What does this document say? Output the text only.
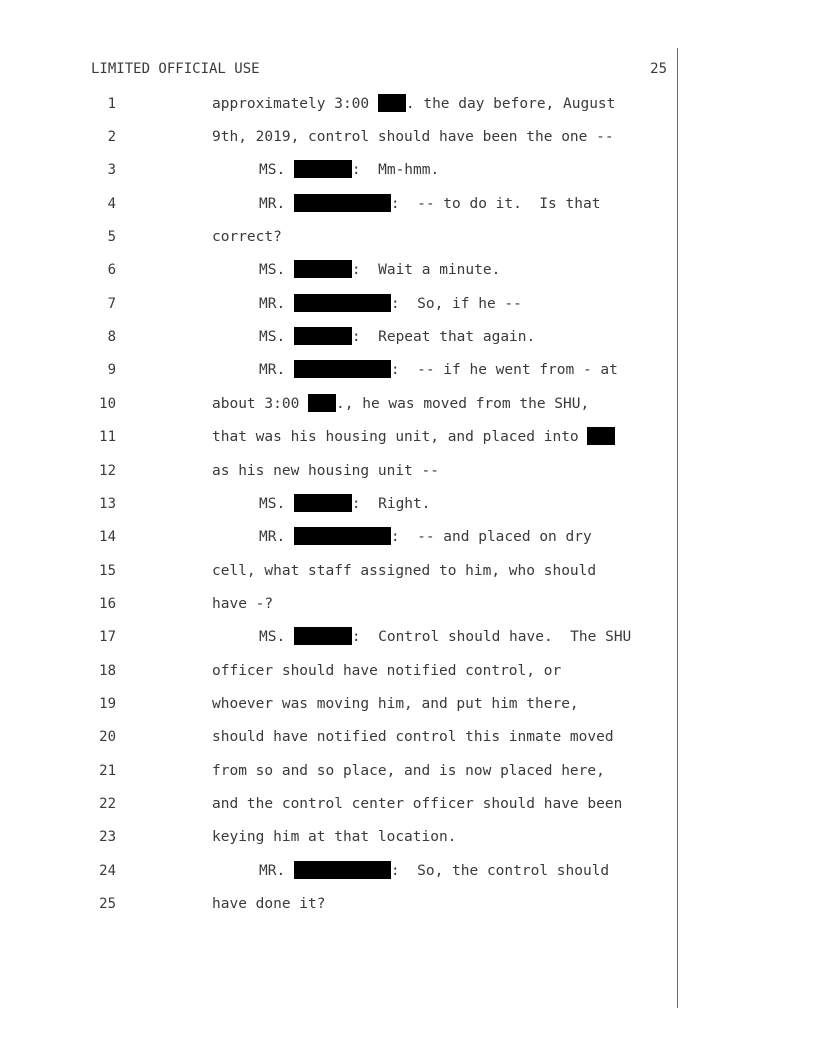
LIMITED OFFICIAL USE	25
1	approximately 3:00 . the day before, August
2	9th, 2019, control should have been the one --
3	MS.	:  Mm-hmm.
4	MR.	:  -- to do it.  Is that
5	correct?
6	MS.	:  Wait a minute.
7	MR.	:  So, if he --
8	MS.	:  Repeat that again.
9	MR.	:  -- if he went from - at
10	about 3:00 ., he was moved from the SHU,
11	that was his housing unit, and placed into
12	as his new housing unit --
13	MS.	:  Right.
14	MR.	:  -- and placed on dry
15	cell, what staff assigned to him, who should
16	have -?
17	MS.	:  Control should have.  The SHU
18	officer should have notified control, or
19	whoever was moving him, and put him there,
20	should have notified control this inmate moved
21	from so and so place, and is now placed here,
22	and the control center officer should have been
23	keying him at that location.
24	MR.	:  So, the control should
25	have done it?
